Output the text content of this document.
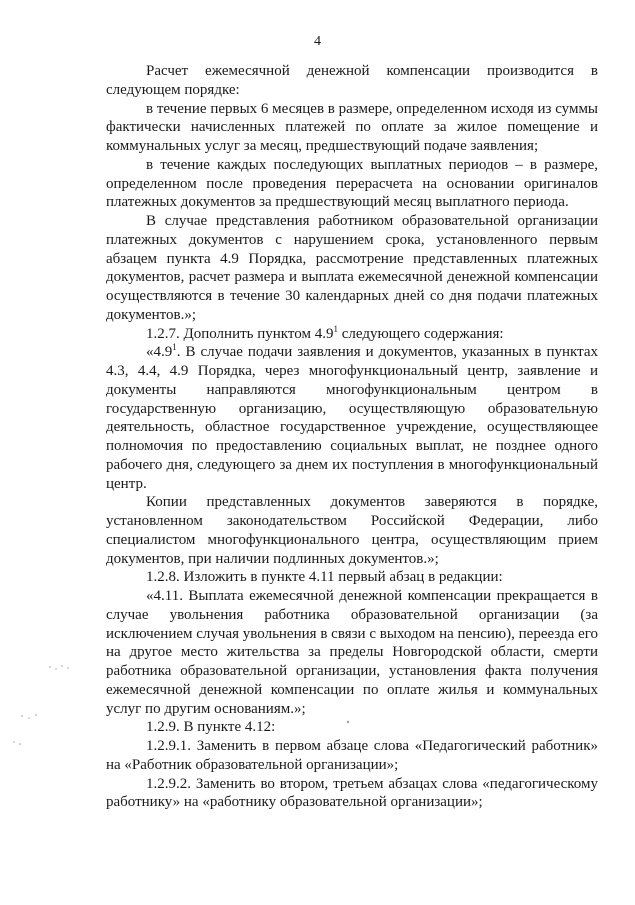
4

Расчет ежемесячной денежной компенсации производится в следующем порядке:

в течение первых 6 месяцев в размере, определенном исходя из суммы фактически начисленных платежей по оплате за жилое помещение и коммунальных услуг за месяц, предшествующий подаче заявления;

в течение каждых последующих выплатных периодов – в размере, определенном после проведения перерасчета на основании оригиналов платежных документов за предшествующий месяц выплатного периода.

В случае представления работником образовательной организации платежных документов с нарушением срока, установленного первым абзацем пункта 4.9 Порядка, рассмотрение представленных платежных документов, расчет размера и выплата ежемесячной денежной компенсации осуществляются в течение 30 календарных дней со дня подачи платежных документов.»;

1.2.7. Дополнить пунктом $4.9^1$ следующего содержания:

«$4.9^1$. В случае подачи заявления и документов, указанных в пунктах 4.3, 4.4, 4.9 Порядка, через многофункциональный центр, заявление и документы направляются многофункциональным центром в государственную организацию, осуществляющую образовательную деятельность, областное государственное учреждение, осуществляющее полномочия по предоставлению социальных выплат, не позднее одного рабочего дня, следующего за днем их поступления в многофункциональный центр.

Копии представленных документов заверяются в порядке, установленном законодательством Российской Федерации, либо специалистом многофункционального центра, осуществляющим прием документов, при наличии подлинных документов.»;

1.2.8. Изложить в пункте 4.11 первый абзац в редакции:

«4.11. Выплата ежемесячной денежной компенсации прекращается в случае увольнения работника образовательной организации (за исключением случая увольнения в связи с выходом на пенсию), переезда его на другое место жительства за пределы Новгородской области, смерти работника образовательной организации, установления факта получения ежемесячной денежной компенсации по оплате жилья и коммунальных услуг по другим основаниям.»;

1.2.9. В пункте 4.12:

1.2.9.1. Заменить в первом абзаце слова «Педагогический работник» на «Работник образовательной организации»;

1.2.9.2. Заменить во втором, третьем абзацах слова «педагогическому работнику» на «работнику образовательной организации»;
